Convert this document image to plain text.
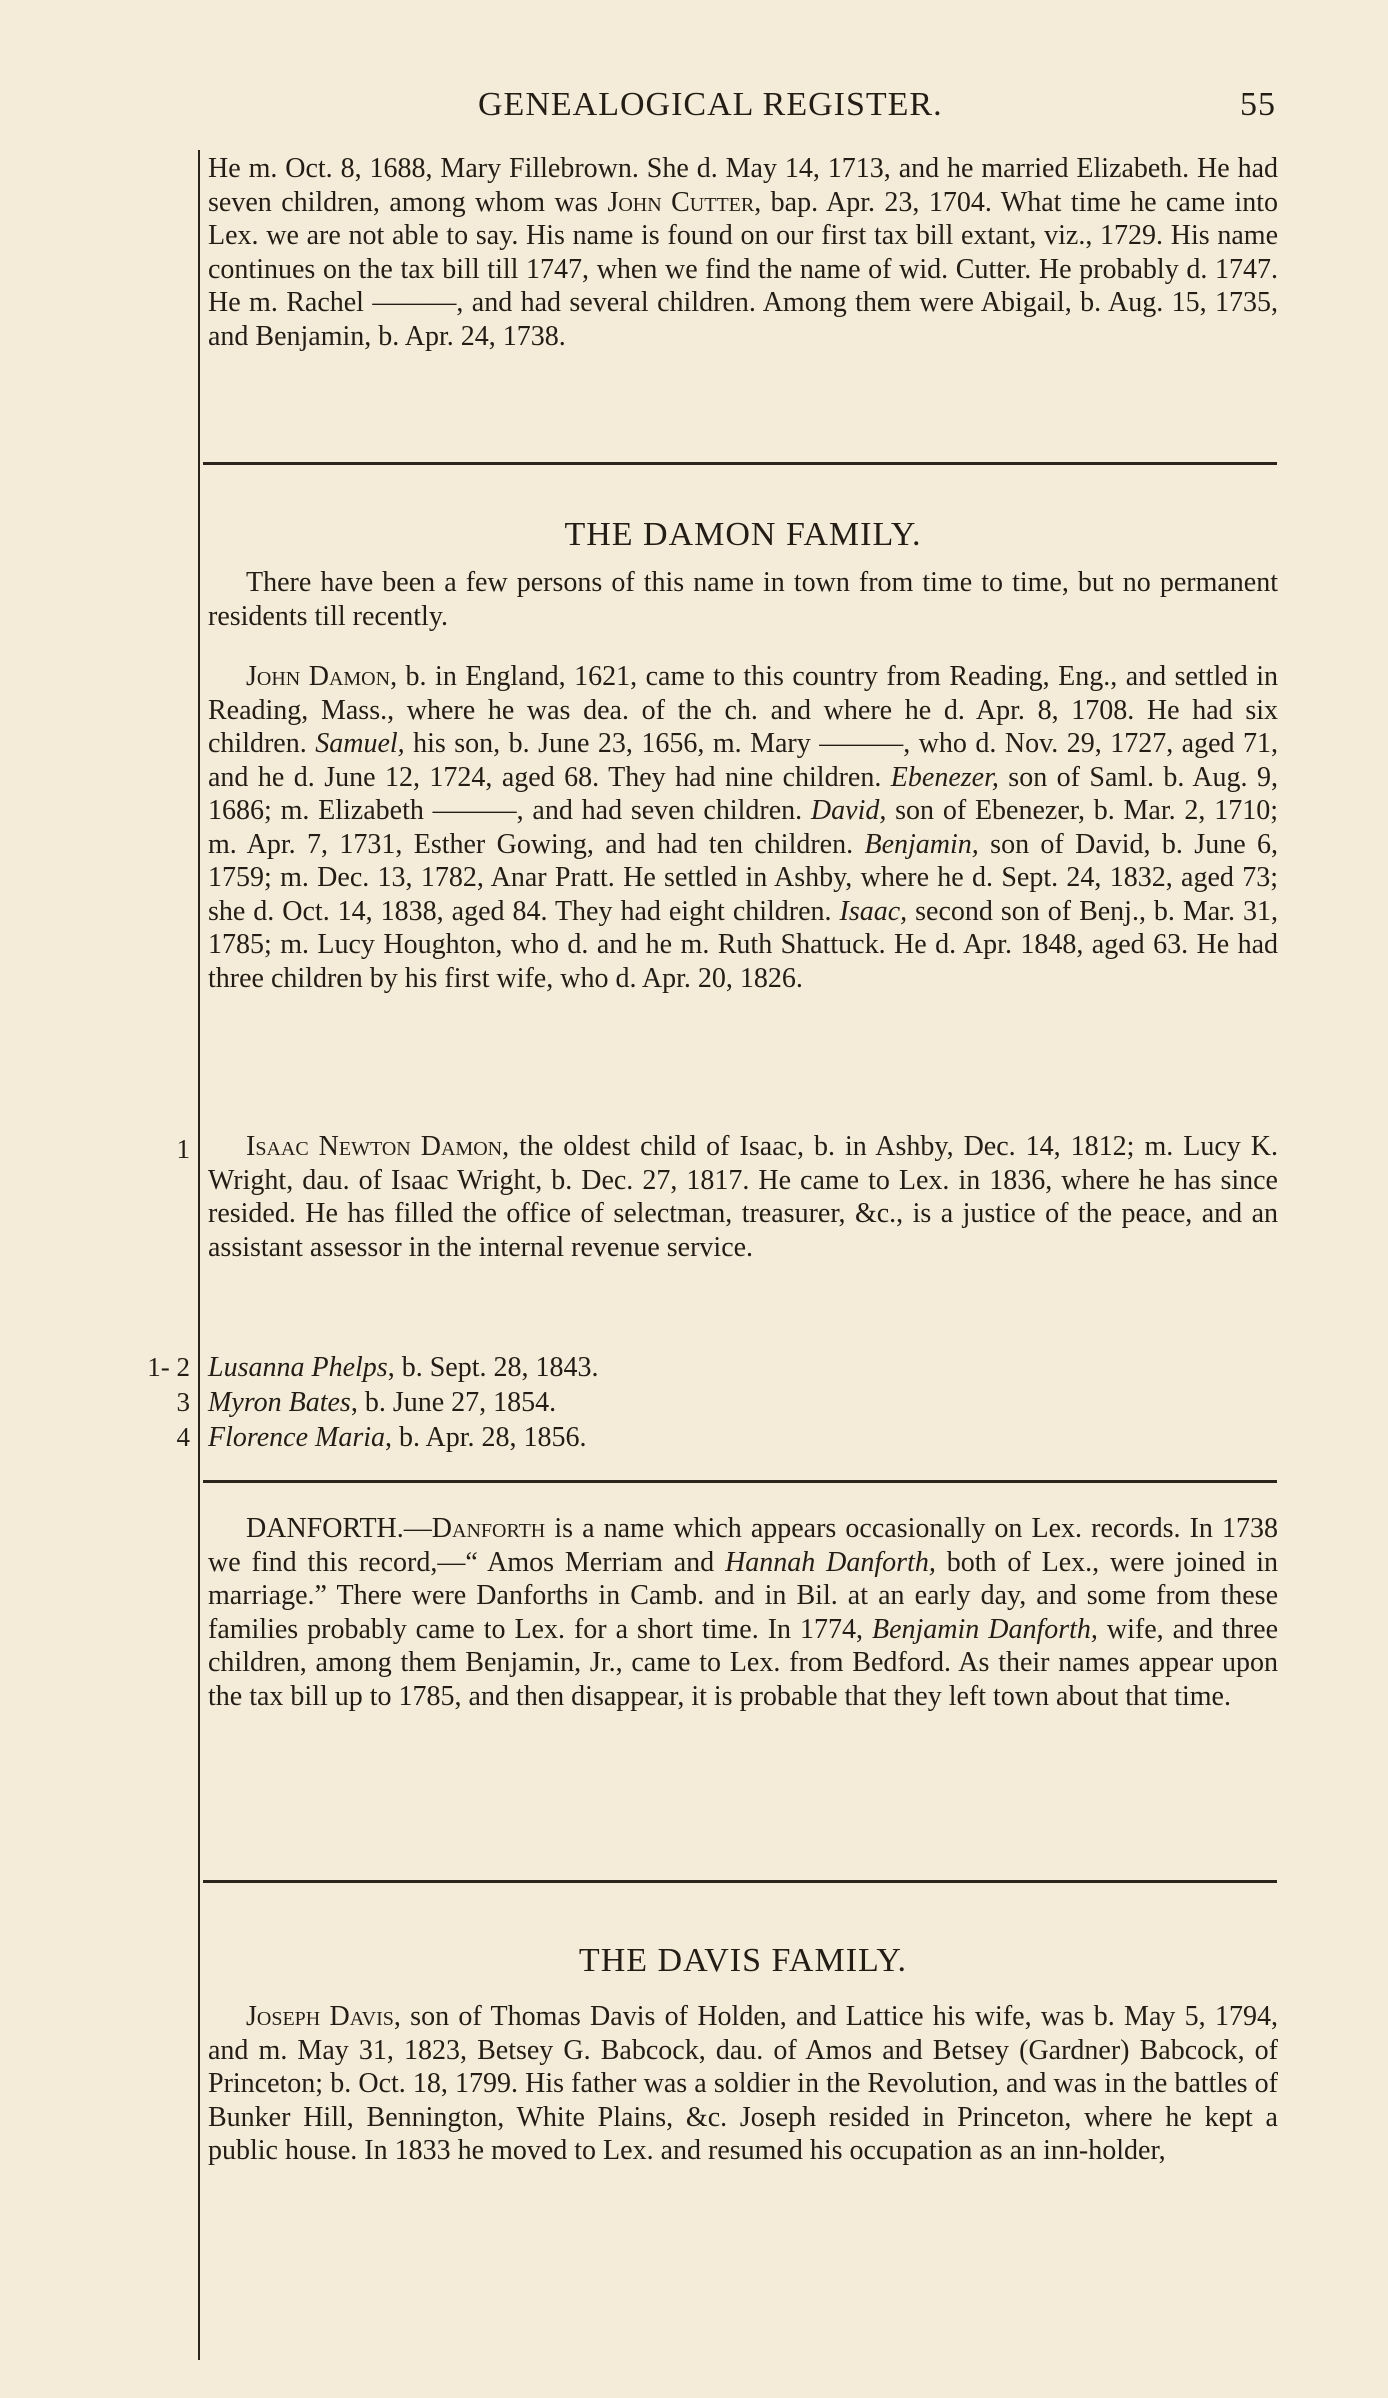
GENEALOGICAL REGISTER.	55

He m. Oct. 8, 1688, Mary Fillebrown. She d. May 14, 1713, and he married Elizabeth. He had seven children, among whom was John Cutter, bap. Apr. 23, 1704. What time he came into Lex. we are not able to say. His name is found on our first tax bill extant, viz., 1729. His name continues on the tax bill till 1747, when we find the name of wid. Cutter. He probably d. 1747. He m. Rachel ———, and had several children. Among them were Abigail, b. Aug. 15, 1735, and Benjamin, b. Apr. 24, 1738.

THE DAMON FAMILY.

There have been a few persons of this name in town from time to time, but no permanent residents till recently.

John Damon, b. in England, 1621, came to this country from Reading, Eng., and settled in Reading, Mass., where he was dea. of the ch. and where he d. Apr. 8, 1708. He had six children. Samuel, his son, b. June 23, 1656, m. Mary ———, who d. Nov. 29, 1727, aged 71, and he d. June 12, 1724, aged 68. They had nine children. Ebenezer, son of Saml. b. Aug. 9, 1686; m. Elizabeth ———, and had seven children. David, son of Ebenezer, b. Mar. 2, 1710; m. Apr. 7, 1731, Esther Gowing, and had ten children. Benjamin, son of David, b. June 6, 1759; m. Dec. 13, 1782, Anar Pratt. He settled in Ashby, where he d. Sept. 24, 1832, aged 73; she d. Oct. 14, 1838, aged 84. They had eight children. Isaac, second son of Benj., b. Mar. 31, 1785; m. Lucy Houghton, who d. and he m. Ruth Shattuck. He d. Apr. 1848, aged 63. He had three children by his first wife, who d. Apr. 20, 1826.

1	Isaac Newton Damon, the oldest child of Isaac, b. in Ashby, Dec. 14, 1812; m. Lucy K. Wright, dau. of Isaac Wright, b. Dec. 27, 1817. He came to Lex. in 1836, where he has since resided. He has filled the office of selectman, treasurer, &c., is a justice of the peace, and an assistant assessor in the internal revenue service.

1- 2
3
4

Lusanna Phelps, b. Sept. 28, 1843.

Myron Bates, b. June 27, 1854.

Florence Maria, b. Apr. 28, 1856.

DANFORTH.—Danforth is a name which appears occasionally on Lex. records. In 1738 we find this record,—“ Amos Merriam and Hannah Danforth, both of Lex., were joined in marriage.” There were Danforths in Camb. and in Bil. at an early day, and some from these families probably came to Lex. for a short time. In 1774, Benjamin Danforth, wife, and three children, among them Benjamin, Jr., came to Lex. from Bedford. As their names appear upon the tax bill up to 1785, and then disappear, it is probable that they left town about that time.

THE DAVIS FAMILY.

Joseph Davis, son of Thomas Davis of Holden, and Lattice his wife, was b. May 5, 1794, and m. May 31, 1823, Betsey G. Babcock, dau. of Amos and Betsey (Gardner) Babcock, of Princeton; b. Oct. 18, 1799. His father was a soldier in the Revolution, and was in the battles of Bunker Hill, Bennington, White Plains, &c. Joseph resided in Princeton, where he kept a public house. In 1833 he moved to Lex. and resumed his occupation as an inn-holder,
